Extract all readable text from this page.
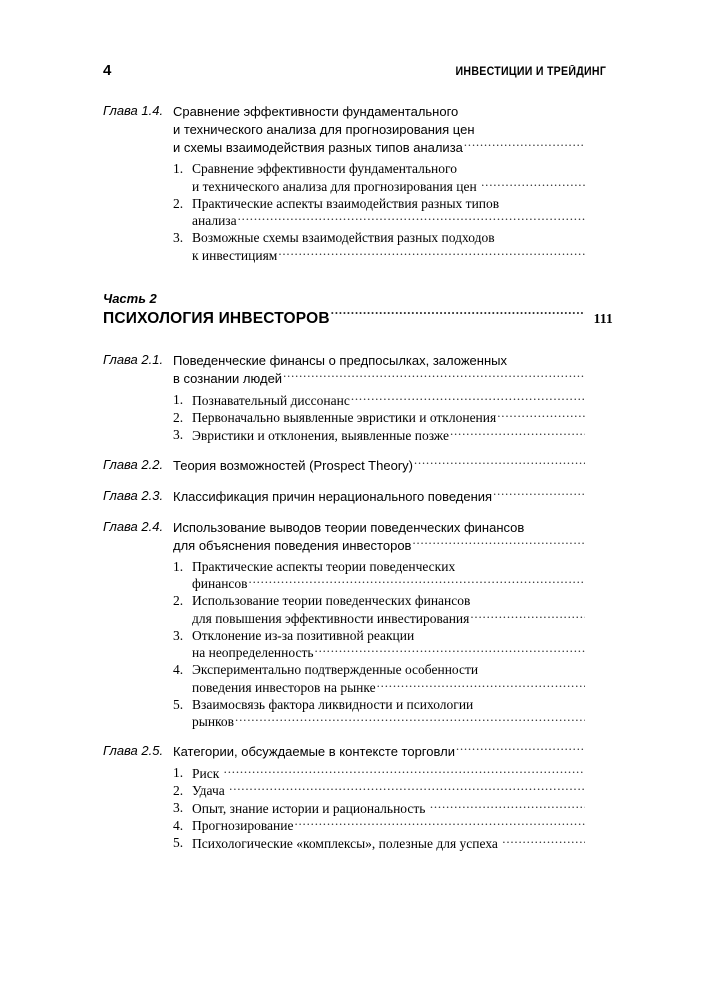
4	ИНВЕСТИЦИИ И ТРЕЙДИНГ
Глава 1.4. Сравнение эффективности фундаментального
и технического анализа для прогнозирования цен
и схемы взаимодействия разных типов анализа
.....
1. Сравнение эффективности фундаментального
и технического анализа для прогнозирования цен
.....
2. Практические аспекты взаимодействия разных типов
анализа
.....
3. Возможные схемы взаимодействия разных подходов
к инвестициям
.....
Часть 2
ПСИХОЛОГИЯ ИНВЕСТОРОВ .....	111
Глава 2.1. Поведенческие финансы о предпосылках, заложенных
в сознании людей
.....
1. Познавательный диссонанс
.....
2. Первоначально выявленные эвристики и отклонения
.....
3. Эвристики и отклонения, выявленные позже
.....
Глава 2.2. Теория возможностей (Prospect Theory)
.....
Глава 2.3. Классификация причин нерационального поведения
.....
Глава 2.4. Использование выводов теории поведенческих финансов
для объяснения поведения инвесторов
.....
1. Практические аспекты теории поведенческих
финансов
.....
2. Использование теории поведенческих финансов
для повышения эффективности инвестирования
.....
3. Отклонение из-за позитивной реакции
на неопределенность
.....
4. Экспериментально подтвержденные особенности
поведения инвесторов на рынке
.....
5. Взаимосвязь фактора ликвидности и психологии
рынков
.....
Глава 2.5. Категории, обсуждаемые в контексте торговли
.....
1. Риск
.....
2. Удача
.....
3. Опыт, знание истории и рациональность
.....
4. Прогнозирование
.....
5. Психологические «комплексы», полезные для успеха
.....
